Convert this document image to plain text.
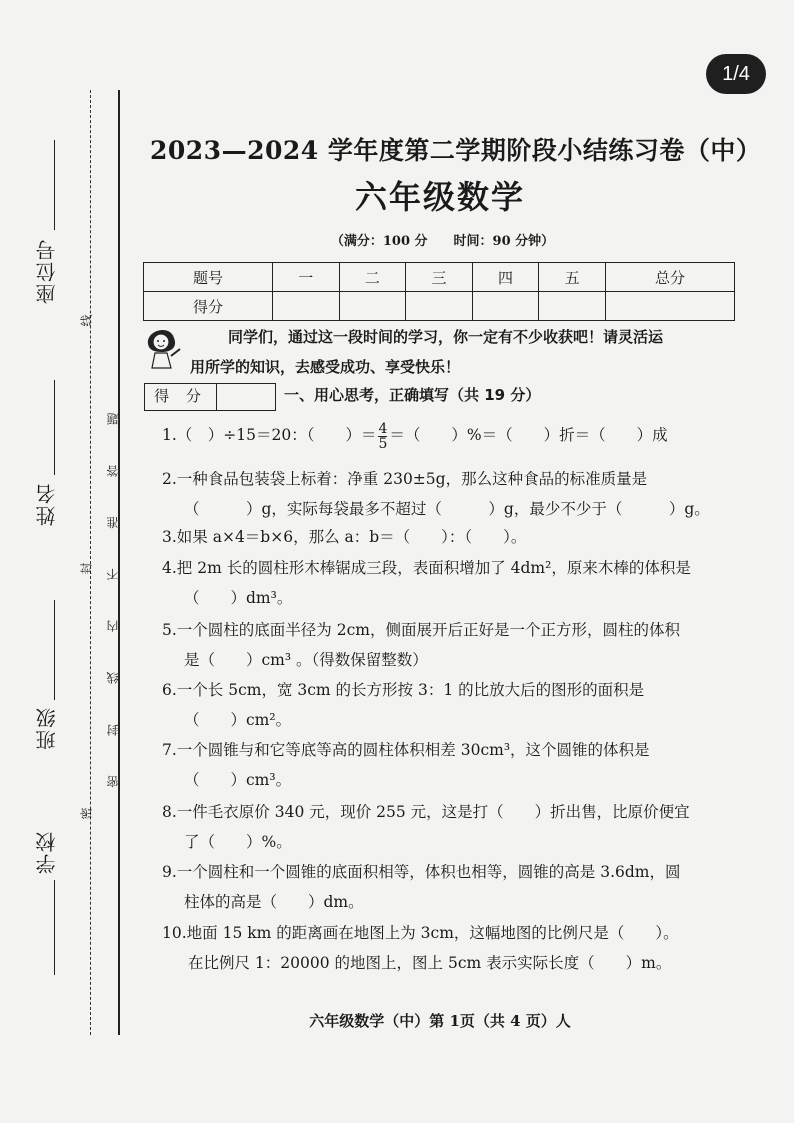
1/4
座位号
姓名
班级
学校
密 封 线 内 不 准 答 题
线
封
密
2023—2024 学年度第二学期阶段小结练习卷（中）
六年级数学
（满分：100 分　　时间：90 分钟）
题号	一	二	三	四	五	总分
得分						
同学们，通过这一段时间的学习，你一定有不少收获吧！请灵活运
用所学的知识，去感受成功、享受快乐！
得 分	一、用心思考，正确填写（共 19 分）
1.（　）÷15＝20：（　　）＝ $\frac{4}{5}$ ＝（　　）%＝（　　）折＝（　　）成
2.一种食品包装袋上标着：净重 230±5g，那么这种食品的标准质量是
（　　　）g，实际每袋最多不超过（　　　）g，最少不少于（　　　）g。
3.如果 a×4＝b×6，那么 a：b＝（　　）：（　　）。
4.把 2m 长的圆柱形木棒锯成三段，表面积增加了 4dm²，原来木棒的体积是
（　　）dm³。
5.一个圆柱的底面半径为 2cm，侧面展开后正好是一个正方形，圆柱的体积
是（　　）cm³ 。（得数保留整数）
6.一个长 5cm，宽 3cm 的长方形按 3：1 的比放大后的图形的面积是
（　　）cm²。
7.一个圆锥与和它等底等高的圆柱体积相差 30cm³，这个圆锥的体积是
（　　）cm³。
8.一件毛衣原价 340 元，现价 255 元，这是打（　　）折出售，比原价便宜
了（　　）%。
9.一个圆柱和一个圆锥的底面积相等，体积也相等，圆锥的高是 3.6dm，圆
柱体的高是（　　）dm。
10.地面 15 km 的距离画在地图上为 3cm，这幅地图的比例尺是（　　）。
在比例尺 1：20000 的地图上，图上 5cm 表示实际长度（　　）m。
六年级数学（中）第 1页（共 4 页）人
